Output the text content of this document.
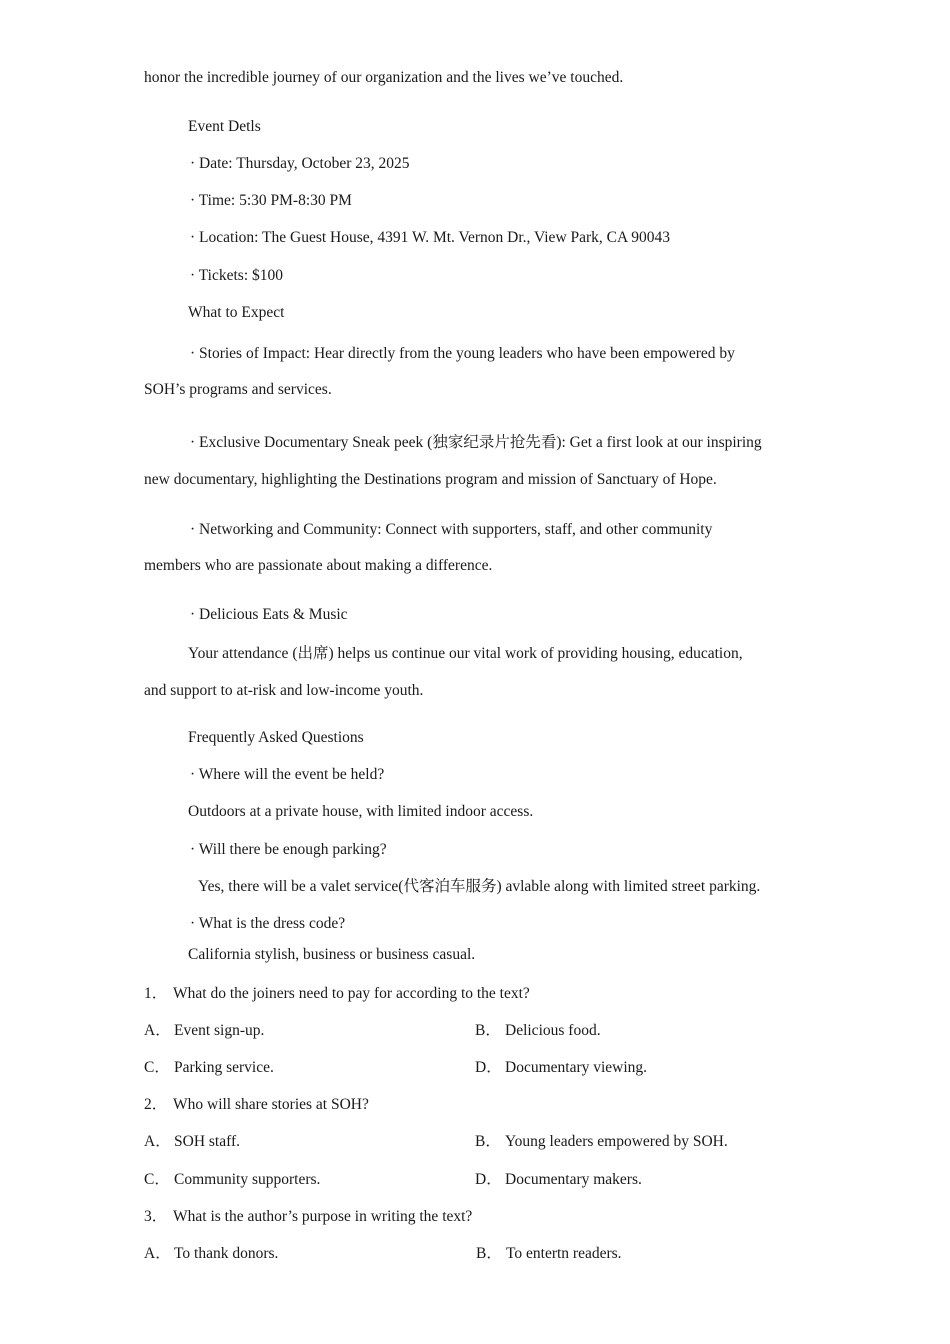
honor the incredible journey of our organization and the lives we’ve touched.
Event Detls
· Date: Thursday, October 23, 2025
· Time: 5:30 PM-8:30 PM
· Location: The Guest House, 4391 W. Mt. Vernon Dr., View Park, CA 90043
· Tickets: $100
What to Expect
· Stories of Impact: Hear directly from the young leaders who have been empowered by
SOH’s programs and services.
· Exclusive Documentary Sneak peek (独家纪录片抢先看): Get a first look at our inspiring
new documentary, highlighting the Destinations program and mission of Sanctuary of Hope.
· Networking and Community: Connect with supporters, staff, and other community
members who are passionate about making a difference.
· Delicious Eats & Music
Your attendance (出席) helps us continue our vital work of providing housing, education,
and support to at-risk and low-income youth.
Frequently Asked Questions
· Where will the event be held?
Outdoors at a private house, with limited indoor access.
· Will there be enough parking?
Yes, there will be a valet service(代客泊车服务) avlable along with limited street parking.
· What is the dress code?
California stylish, business or business casual.
1． What do the joiners need to pay for according to the text?
A． Event sign-up.	B． Delicious food.
C． Parking service.	D． Documentary viewing.
2． Who will share stories at SOH?
A． SOH staff.	B． Young leaders empowered by SOH.
C． Community supporters.	D． Documentary makers.
3． What is the author’s purpose in writing the text?
A． To thank donors.	B． To entertn readers.
